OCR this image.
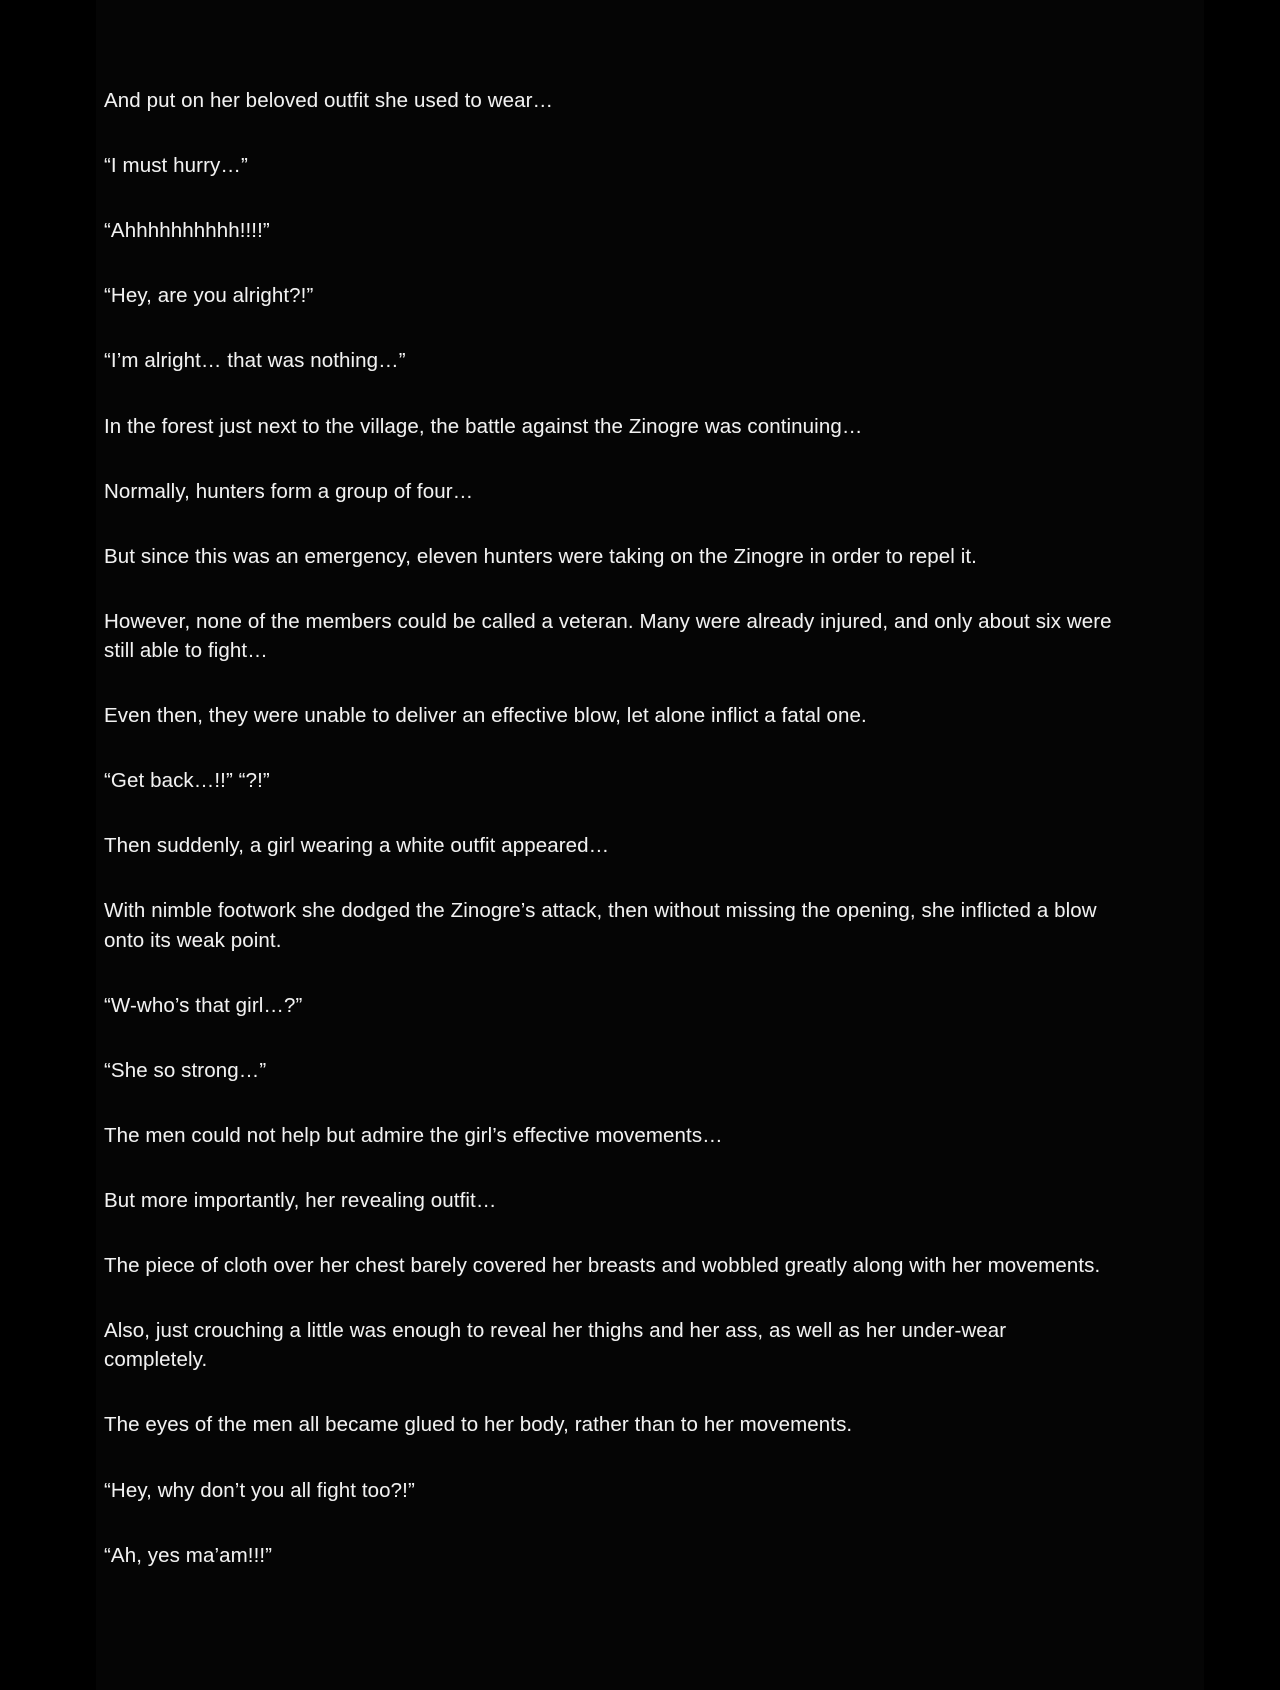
And put on her beloved outfit she used to wear…

“I must hurry…”

“Ahhhhhhhhhh!!!!”

“Hey, are you alright?!”

“I’m alright… that was nothing…”

In the forest just next to the village, the battle against the Zinogre was continuing…

Normally, hunters form a group of four…

But since this was an emergency, eleven hunters were taking on the Zinogre in order to repel it.

However, none of the members could be called a veteran. Many were already injured, and only about six were still able to fight…

Even then, they were unable to deliver an effective blow, let alone inflict a fatal one.

“Get back…!!” “?!”

Then suddenly, a girl wearing a white outfit appeared…

With nimble footwork she dodged the Zinogre’s attack, then without missing the opening, she inflicted a blow onto its weak point.

“W-who’s that girl…?”

“She so strong…”

The men could not help but admire the girl’s effective movements…

But more importantly, her revealing outfit…

The piece of cloth over her chest barely covered her breasts and wobbled greatly along with her movements.

Also, just crouching a little was enough to reveal her thighs and her ass, as well as her under-wear completely.

The eyes of the men all became glued to her body, rather than to her movements.

“Hey, why don’t you all fight too?!”

“Ah, yes ma’am!!!”
